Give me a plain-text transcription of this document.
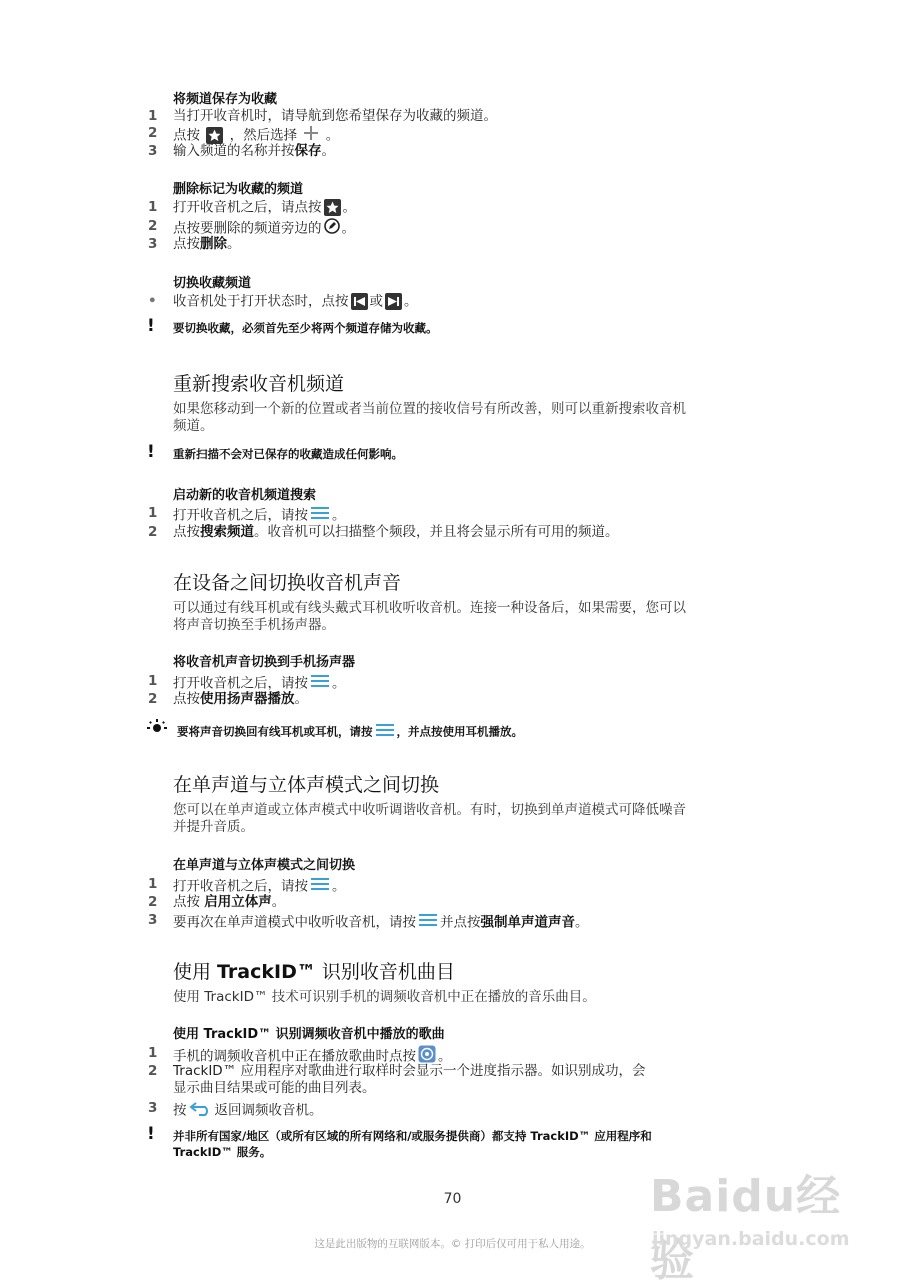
将频道保存为收藏
1	当打开收音机时，请导航到您希望保存为收藏的频道。
2	点按 ，然后选择 。
3	输入频道的名称并按保存。
删除标记为收藏的频道
1	打开收音机之后，请点按 。
2	点按要删除的频道旁边的 。
3	点按删除。
切换收藏频道
•	收音机处于打开状态时，点按 或 。
! 要切换收藏，必须首先至少将两个频道存储为收藏。
重新搜索收音机频道
如果您移动到一个新的位置或者当前位置的接收信号有所改善，则可以重新搜索收音机
频道。
! 重新扫描不会对已保存的收藏造成任何影响。
启动新的收音机频道搜索
1	打开收音机之后，请按 。
2	点按搜索频道。收音机可以扫描整个频段，并且将会显示所有可用的频道。
在设备之间切换收音机声音
可以通过有线耳机或有线头戴式耳机收听收音机。连接一种设备后，如果需要，您可以
将声音切换至手机扬声器。
将收音机声音切换到手机扬声器
1	打开收音机之后，请按 。
2	点按使用扬声器播放。
要将声音切换回有线耳机或耳机，请按 ，并点按使用耳机播放。
在单声道与立体声模式之间切换
您可以在单声道或立体声模式中收听调谐收音机。有时，切换到单声道模式可降低噪音
并提升音质。
在单声道与立体声模式之间切换
1	打开收音机之后，请按 。
2	点按 启用立体声。
3	要再次在单声道模式中收听收音机，请按 并点按强制单声道声音。
使用 TrackID™ 识别收音机曲目
使用 TrackID™ 技术可识别手机的调频收音机中正在播放的音乐曲目。
使用 TrackID™ 识别调频收音机中播放的歌曲
1	手机的调频收音机中正在播放歌曲时点按 。
2	TrackID™ 应用程序对歌曲进行取样时会显示一个进度指示器。如识别成功，会
显示曲目结果或可能的曲目列表。
3	按 返回调频收音机。
! 并非所有国家/地区（或所有区域的所有网络和/或服务提供商）都支持 TrackID™ 应用程序和
TrackID™ 服务。
70
这是此出版物的互联网版本。© 打印后仅可用于私人用途。
Baidu经验
jingyan.baidu.com
